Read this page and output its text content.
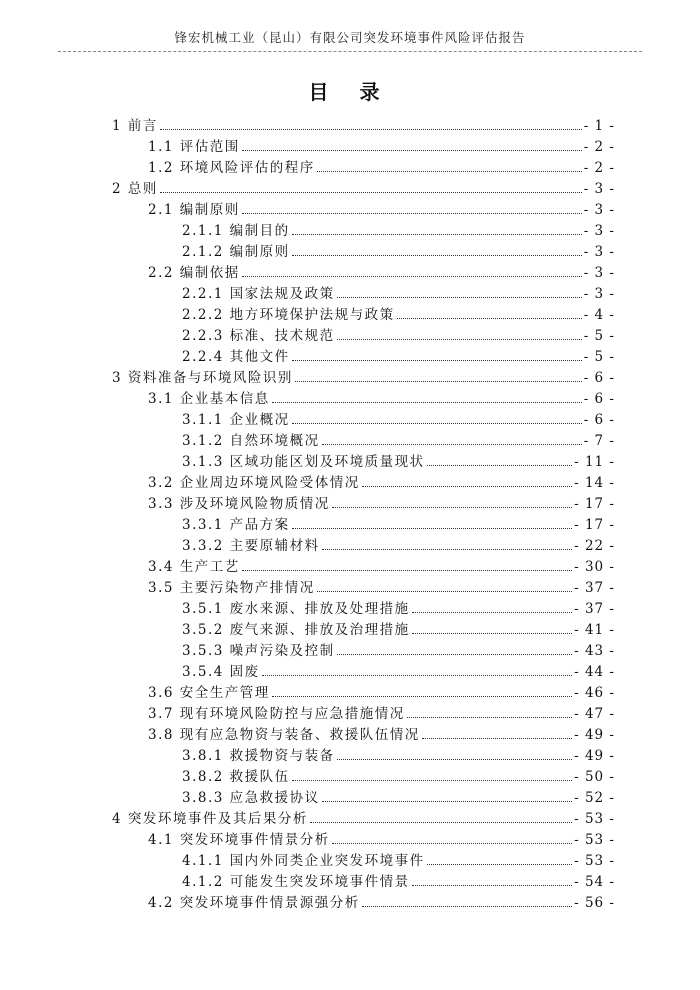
锋宏机械工业（昆山）有限公司突发环境事件风险评估报告
目 录
1 前言	- 1 -
1.1 评估范围	- 2 -
1.2 环境风险评估的程序	- 2 -
2 总则	- 3 -
2.1 编制原则	- 3 -
2.1.1 编制目的	- 3 -
2.1.2 编制原则	- 3 -
2.2 编制依据	- 3 -
2.2.1 国家法规及政策	- 3 -
2.2.2 地方环境保护法规与政策	- 4 -
2.2.3 标准、技术规范	- 5 -
2.2.4 其他文件	- 5 -
3 资料准备与环境风险识别	- 6 -
3.1 企业基本信息	- 6 -
3.1.1 企业概况	- 6 -
3.1.2 自然环境概况	- 7 -
3.1.3 区域功能区划及环境质量现状	- 11 -
3.2 企业周边环境风险受体情况	- 14 -
3.3 涉及环境风险物质情况	- 17 -
3.3.1 产品方案	- 17 -
3.3.2 主要原辅材料	- 22 -
3.4 生产工艺	- 30 -
3.5 主要污染物产排情况	- 37 -
3.5.1 废水来源、排放及处理措施	- 37 -
3.5.2 废气来源、排放及治理措施	- 41 -
3.5.3 噪声污染及控制	- 43 -
3.5.4 固废	- 44 -
3.6 安全生产管理	- 46 -
3.7 现有环境风险防控与应急措施情况	- 47 -
3.8 现有应急物资与装备、救援队伍情况	- 49 -
3.8.1 救援物资与装备	- 49 -
3.8.2 救援队伍	- 50 -
3.8.3 应急救援协议	- 52 -
4 突发环境事件及其后果分析	- 53 -
4.1 突发环境事件情景分析	- 53 -
4.1.1 国内外同类企业突发环境事件	- 53 -
4.1.2 可能发生突发环境事件情景	- 54 -
4.2 突发环境事件情景源强分析	- 56 -
